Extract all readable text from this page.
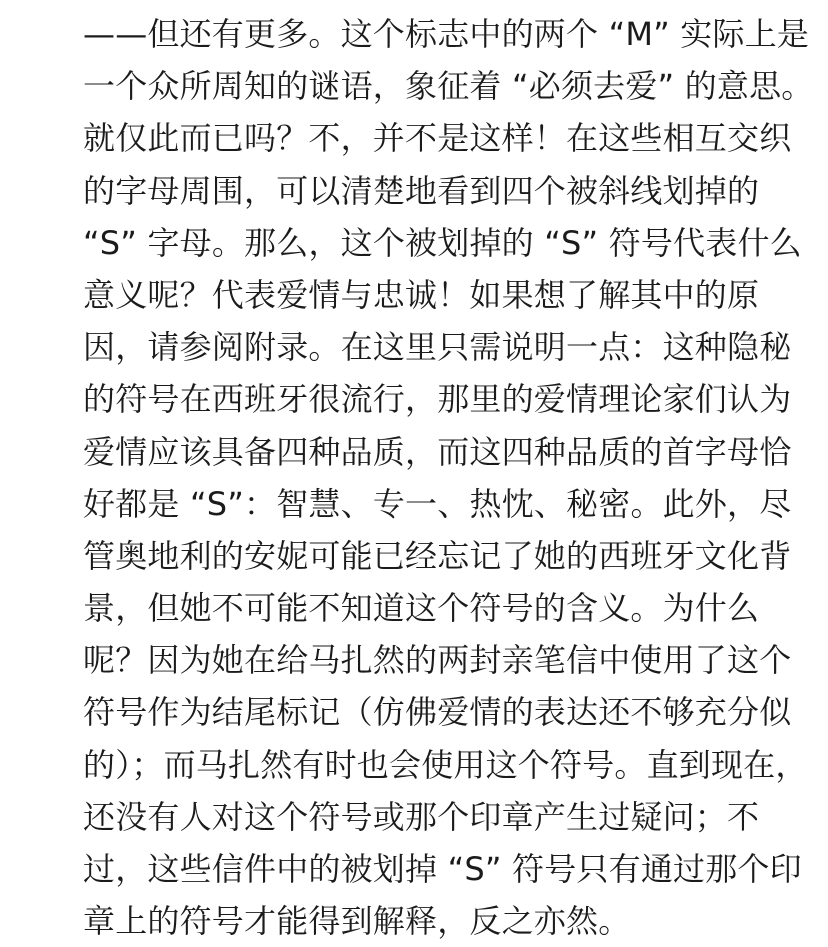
——但还有更多。这个标志中的两个 “M” 实际上是
一个众所周知的谜语，象征着 “必须去爱” 的意思。
就仅此而已吗？不，并不是这样！在这些相互交织
的字母周围，可以清楚地看到四个被斜线划掉的
“S” 字母。那么，这个被划掉的 “S” 符号代表什么
意义呢？代表爱情与忠诚！如果想了解其中的原
因，请参阅附录。在这里只需说明一点：这种隐秘
的符号在西班牙很流行，那里的爱情理论家们认为
爱情应该具备四种品质，而这四种品质的首字母恰
好都是 “S”：智慧、专一、热忱、秘密。此外，尽
管奥地利的安妮可能已经忘记了她的西班牙文化背
景，但她不可能不知道这个符号的含义。为什么
呢？因为她在给马扎然的两封亲笔信中使用了这个
符号作为结尾标记（仿佛爱情的表达还不够充分似
的）；而马扎然有时也会使用这个符号。直到现在，
还没有人对这个符号或那个印章产生过疑问；不
过，这些信件中的被划掉 “S” 符号只有通过那个印
章上的符号才能得到解释，反之亦然。
